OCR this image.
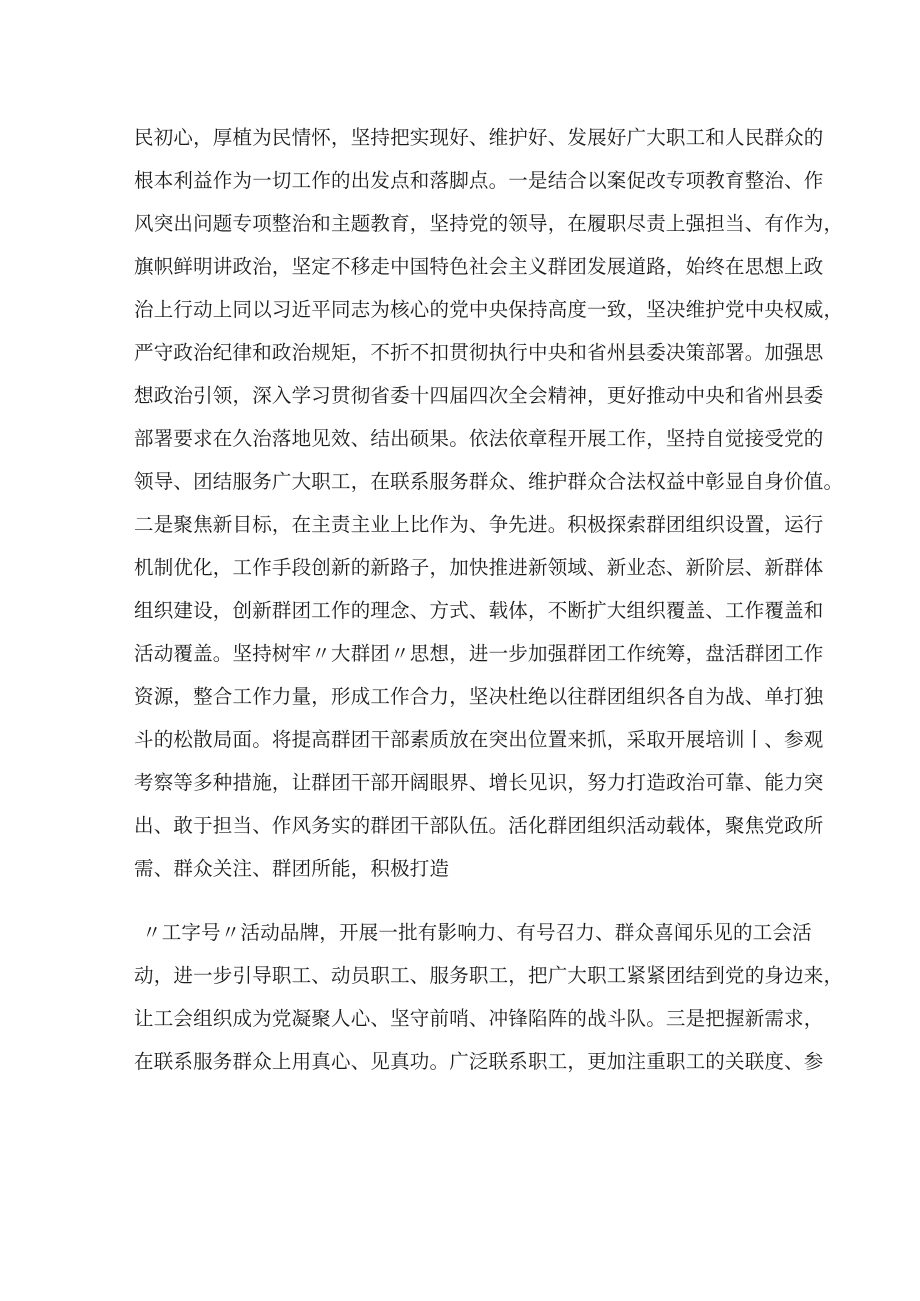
民初心，厚植为民情怀，坚持把实现好、维护好、发展好广大职工和人民群众的
根本利益作为一切工作的出发点和落脚点。一是结合以案促改专项教育整治、作
风突出问题专项整治和主题教育，坚持党的领导，在履职尽责上强担当、有作为，
旗帜鲜明讲政治，坚定不移走中国特色社会主义群团发展道路，始终在思想上政
治上行动上同以习近平同志为核心的党中央保持高度一致，坚决维护党中央权威，
严守政治纪律和政治规矩，不折不扣贯彻执行中央和省州县委决策部署。加强思
想政治引领，深入学习贯彻省委十四届四次全会精神，更好推动中央和省州县委
部署要求在久治落地见效、结出硕果。依法依章程开展工作，坚持自觉接受党的
领导、团结服务广大职工，在联系服务群众、维护群众合法权益中彰显自身价值。
二是聚焦新目标，在主责主业上比作为、争先进。积极探索群团组织设置，运行
机制优化，工作手段创新的新路子，加快推进新领域、新业态、新阶层、新群体
组织建设，创新群团工作的理念、方式、载体，不断扩大组织覆盖、工作覆盖和
活动覆盖。坚持树牢〃大群团〃思想，进一步加强群团工作统筹，盘活群团工作
资源，整合工作力量，形成工作合力，坚决杜绝以往群团组织各自为战、单打独
斗的松散局面。将提高群团干部素质放在突出位置来抓，采取开展培训丨、参观
考察等多种措施，让群团干部开阔眼界、增长见识，努力打造政治可靠、能力突
出、敢于担当、作风务实的群团干部队伍。活化群团组织活动载体，聚焦党政所
需、群众关注、群团所能，积极打造
〃工字号〃活动品牌，开展一批有影响力、有号召力、群众喜闻乐见的工会活
动，进一步引导职工、动员职工、服务职工，把广大职工紧紧团结到党的身边来，
让工会组织成为党凝聚人心、坚守前哨、冲锋陷阵的战斗队。三是把握新需求，
在联系服务群众上用真心、见真功。广泛联系职工，更加注重职工的关联度、参
